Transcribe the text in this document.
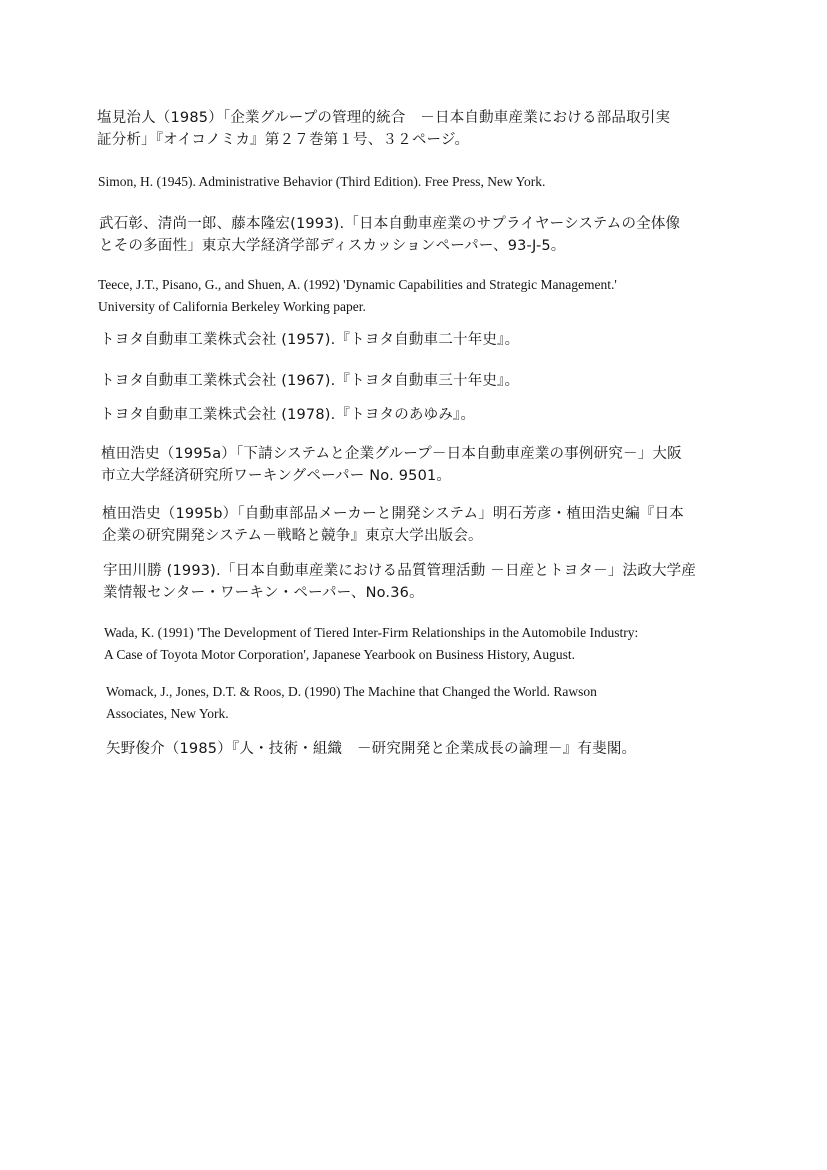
塩見治人（1985）「企業グループの管理的統合　－日本自動車産業における部品取引実
証分析」『オイコノミカ』第２７巻第１号、３２ページ。
Simon, H. (1945). Administrative Behavior (Third Edition). Free Press, New York.
武石彰、清尚一郎、藤本隆宏(1993).「日本自動車産業のサプライヤーシステムの全体像
とその多面性」東京大学経済学部ディスカッションペーパー、93-J-5。
Teece, J.T., Pisano, G., and Shuen, A. (1992) 'Dynamic Capabilities and Strategic Management.'
University of California Berkeley Working paper.
トヨタ自動車工業株式会社 (1957).『トヨタ自動車二十年史』。
トヨタ自動車工業株式会社 (1967).『トヨタ自動車三十年史』。
トヨタ自動車工業株式会社 (1978).『トヨタのあゆみ』。
植田浩史（1995a）「下請システムと企業グループ－日本自動車産業の事例研究－」大阪
市立大学経済研究所ワーキングペーパー No. 9501。
植田浩史（1995b）「自動車部品メーカーと開発システム」明石芳彦・植田浩史編『日本
企業の研究開発システム－戦略と競争』東京大学出版会。
宇田川勝 (1993).「日本自動車産業における品質管理活動 －日産とトヨタ－」法政大学産
業情報センター・ワーキン・ペーパー、No.36。
Wada, K. (1991) 'The Development of Tiered Inter-Firm Relationships in the Automobile Industry:
A Case of Toyota Motor Corporation', Japanese Yearbook on Business History, August.
Womack, J., Jones, D.T. & Roos, D. (1990) The Machine that Changed the World. Rawson
Associates, New York.
矢野俊介（1985）『人・技術・組織　－研究開発と企業成長の論理－』有斐閣。
